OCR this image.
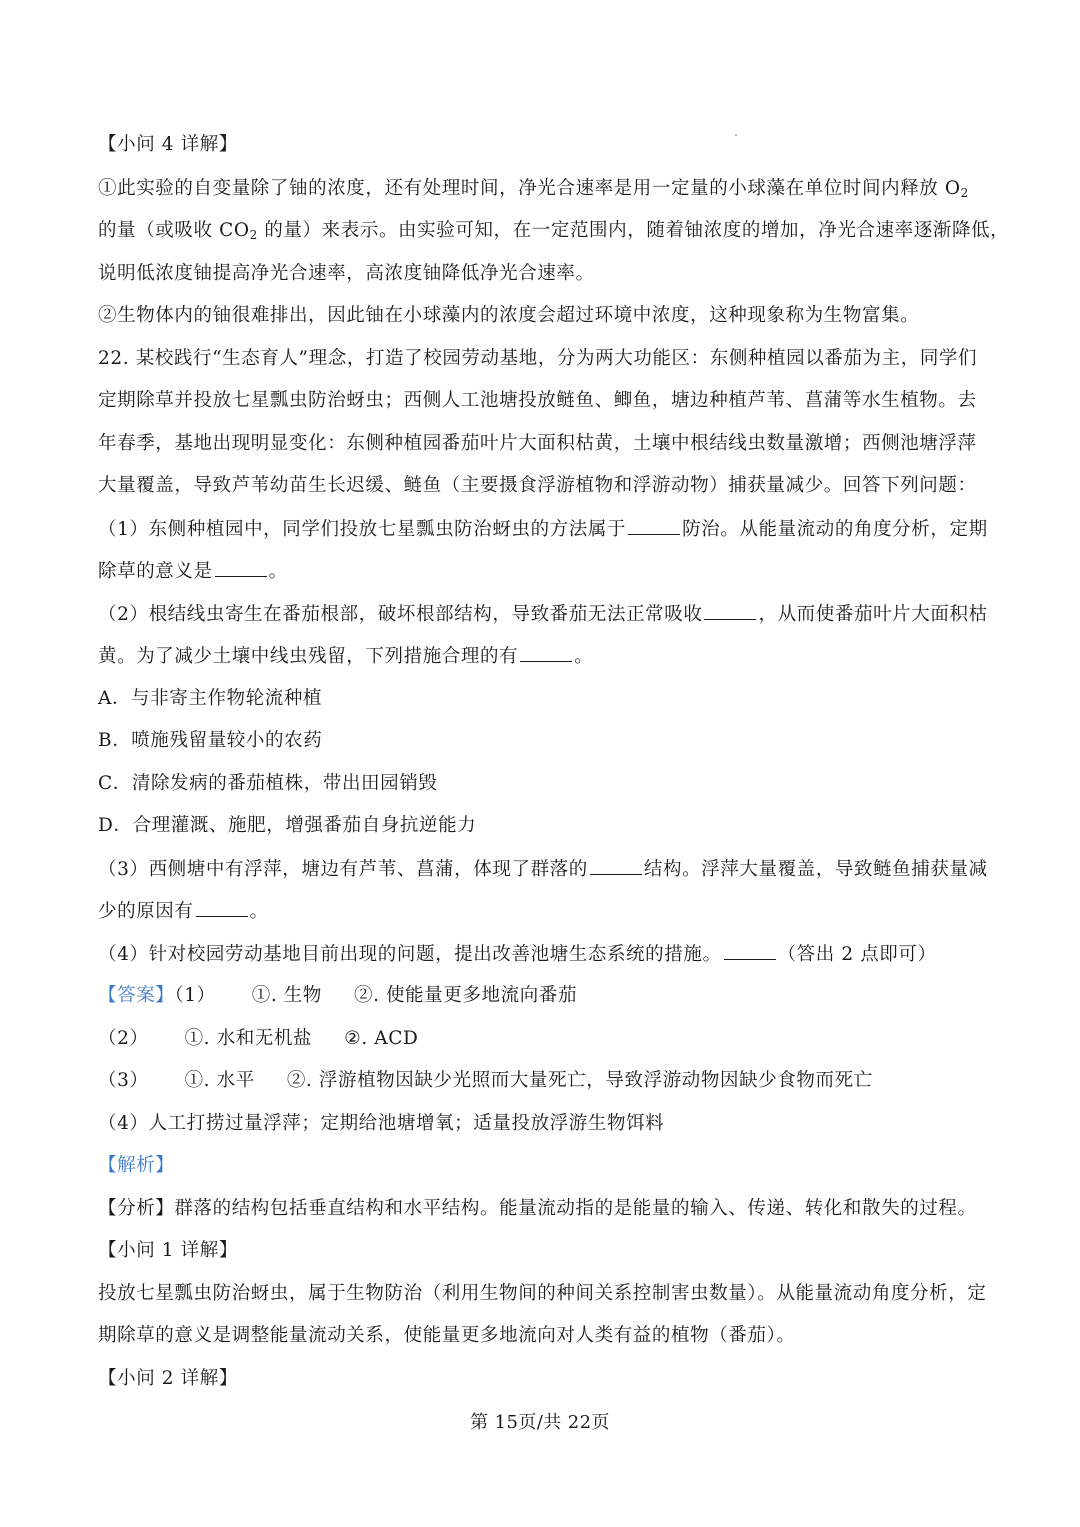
【小问 4 详解】
①此实验的自变量除了铀的浓度，还有处理时间，净光合速率是用一定量的小球藻在单位时间内释放 $O_2$
的量（或吸收 $CO_2$ 的量）来表示。由实验可知，在一定范围内，随着铀浓度的增加，净光合速率逐渐降低，
说明低浓度铀提高净光合速率，高浓度铀降低净光合速率。
②生物体内的铀很难排出，因此铀在小球藻内的浓度会超过环境中浓度，这种现象称为生物富集。
22. 某校践行“生态育人”理念，打造了校园劳动基地，分为两大功能区：东侧种植园以番茄为主，同学们
定期除草并投放七星瓢虫防治蚜虫；西侧人工池塘投放鲢鱼、鲫鱼，塘边种植芦苇、菖蒲等水生植物。去
年春季，基地出现明显变化：东侧种植园番茄叶片大面积枯黄，土壤中根结线虫数量激增；西侧池塘浮萍
大量覆盖，导致芦苇幼苗生长迟缓、鲢鱼（主要摄食浮游植物和浮游动物）捕获量减少。回答下列问题：
（1）东侧种植园中，同学们投放七星瓢虫防治蚜虫的方法属于	防治。从能量流动的角度分析，定期
除草的意义是	。
（2）根结线虫寄生在番茄根部，破坏根部结构，导致番茄无法正常吸收	，从而使番茄叶片大面积枯
黄。为了减少土壤中线虫残留，下列措施合理的有	。
A．与非寄主作物轮流种植
B．喷施残留量较小的农药
C．清除发病的番茄植株，带出田园销毁
D．合理灌溉、施肥，增强番茄自身抗逆能力
（3）西侧塘中有浮萍，塘边有芦苇、菖蒲，体现了群落的	结构。浮萍大量覆盖，导致鲢鱼捕获量减
少的原因有	。
（4）针对校园劳动基地目前出现的问题，提出改善池塘生态系统的措施。	（答出 2 点即可）
【答案】（1） ①. 生物 ②. 使能量更多地流向番茄
（2） ①. 水和无机盐 ②. ACD
（3） ①. 水平 ②. 浮游植物因缺少光照而大量死亡，导致浮游动物因缺少食物而死亡
（4）人工打捞过量浮萍；定期给池塘增氧；适量投放浮游生物饵料
【解析】
【分析】群落的结构包括垂直结构和水平结构。能量流动指的是能量的输入、传递、转化和散失的过程。
【小问 1 详解】
投放七星瓢虫防治蚜虫，属于生物防治（利用生物间的种间关系控制害虫数量）。从能量流动角度分析，定
期除草的意义是调整能量流动关系，使能量更多地流向对人类有益的植物（番茄）。
【小问 2 详解】
第 15页/共 22页
